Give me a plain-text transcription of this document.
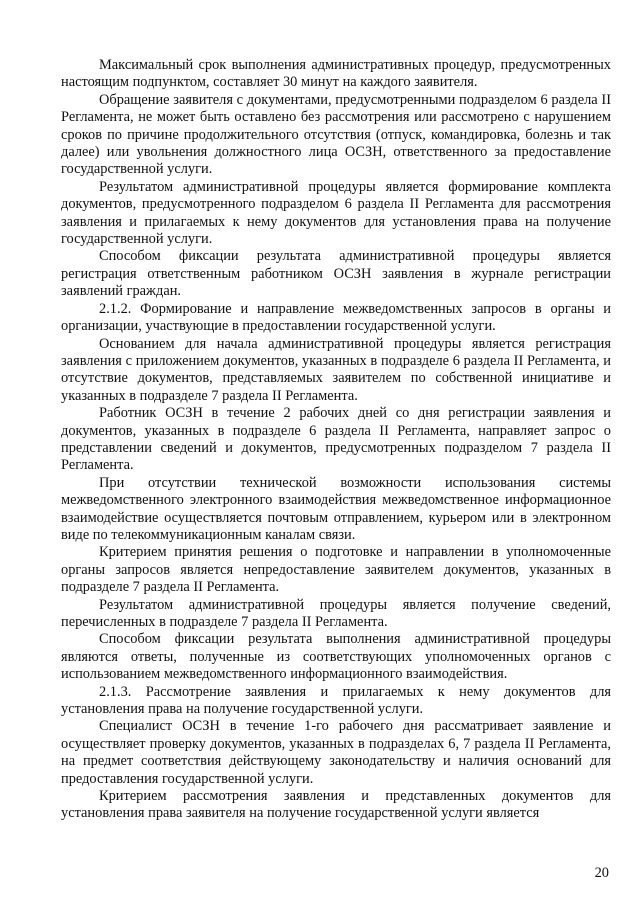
Максимальный срок выполнения административных процедур, предусмотренных настоящим подпунктом, составляет 30 минут на каждого заявителя.

Обращение заявителя с документами, предусмотренными подразделом 6 раздела II Регламента, не может быть оставлено без рассмотрения или рассмотрено с нарушением сроков по причине продолжительного отсутствия (отпуск, командировка, болезнь и так далее) или увольнения должностного лица ОСЗН, ответственного за предоставление государственной услуги.

Результатом административной процедуры является формирование комплекта документов, предусмотренного подразделом 6 раздела II Регламента для рассмотрения заявления и прилагаемых к нему документов для установления права на получение государственной услуги.

Способом фиксации результата административной процедуры является регистрация ответственным работником ОСЗН заявления в журнале регистрации заявлений граждан.

2.1.2. Формирование и направление межведомственных запросов в органы и организации, участвующие в предоставлении государственной услуги.

Основанием для начала административной процедуры является регистрация заявления с приложением документов, указанных в подразделе 6 раздела II Регламента, и отсутствие документов, представляемых заявителем по собственной инициативе и указанных в подразделе 7 раздела II Регламента.

Работник ОСЗН в течение 2 рабочих дней со дня регистрации заявления и документов, указанных в подразделе 6 раздела II Регламента, направляет запрос о представлении сведений и документов, предусмотренных подразделом 7 раздела II Регламента.

При отсутствии технической возможности использования системы межведомственного электронного взаимодействия межведомственное информационное взаимодействие осуществляется почтовым отправлением, курьером или в электронном виде по телекоммуникационным каналам связи.

Критерием принятия решения о подготовке и направлении в уполномоченные органы запросов является непредоставление заявителем документов, указанных в подразделе 7 раздела II Регламента.

Результатом административной процедуры является получение сведений, перечисленных в подразделе 7 раздела II Регламента.

Способом фиксации результата выполнения административной процедуры являются ответы, полученные из соответствующих уполномоченных органов с использованием межведомственного информационного взаимодействия.

2.1.3. Рассмотрение заявления и прилагаемых к нему документов для установления права на получение государственной услуги.

Специалист ОСЗН в течение 1-го рабочего дня рассматривает заявление и осуществляет проверку документов, указанных в подразделах 6, 7 раздела II Регламента, на предмет соответствия действующему законодательству и наличия оснований для предоставления государственной услуги.

Критерием рассмотрения заявления и представленных документов для установления права заявителя на получение государственной услуги является

20
